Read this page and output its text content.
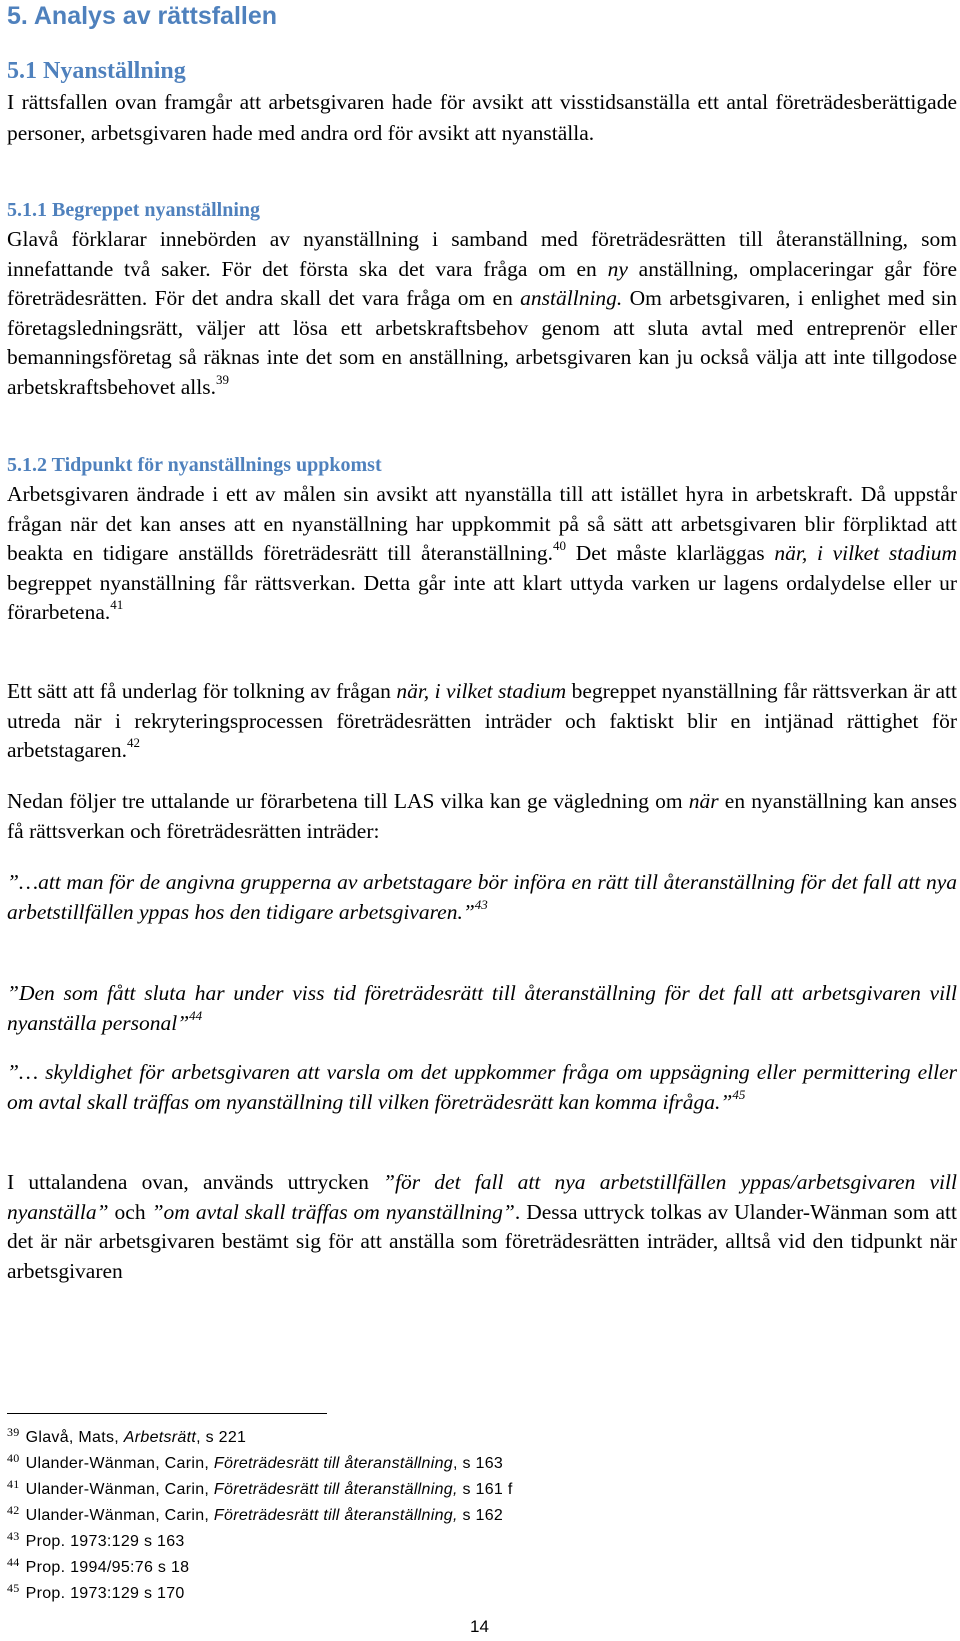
5. Analys av rättsfallen
5.1 Nyanställning

I rättsfallen ovan framgår att arbetsgivaren hade för avsikt att visstidsanställa ett antal företrädesberättigade personer, arbetsgivaren hade med andra ord för avsikt att nyanställa.

5.1.1 Begreppet nyanställning

Glavå förklarar innebörden av nyanställning i samband med företrädesrätten till återanställning, som innefattande två saker. För det första ska det vara fråga om en ny anställning, omplaceringar går före företrädesrätten. För det andra skall det vara fråga om en anställning. Om arbetsgivaren, i enlighet med sin företagsledningsrätt, väljer att lösa ett arbetskraftsbehov genom att sluta avtal med entreprenör eller bemanningsföretag så räknas inte det som en anställning, arbetsgivaren kan ju också välja att inte tillgodose arbetskraftsbehovet alls.$^{39}$

5.1.2 Tidpunkt för nyanställnings uppkomst

Arbetsgivaren ändrade i ett av målen sin avsikt att nyanställa till att istället hyra in arbetskraft. Då uppstår frågan när det kan anses att en nyanställning har uppkommit på så sätt att arbetsgivaren blir förpliktad att beakta en tidigare anställds företrädesrätt till återanställning.$^{40}$ Det måste klarläggas när, i vilket stadium begreppet nyanställning får rättsverkan. Detta går inte att klart uttyda varken ur lagens ordalydelse eller ur förarbetena.$^{41}$

Ett sätt att få underlag för tolkning av frågan när, i vilket stadium begreppet nyanställning får rättsverkan är att utreda när i rekryteringsprocessen företrädesrätten inträder och faktiskt blir en intjänad rättighet för arbetstagaren.$^{42}$

Nedan följer tre uttalande ur förarbetena till LAS vilka kan ge vägledning om när en nyanställning kan anses få rättsverkan och företrädesrätten inträder:

”…att man för de angivna grupperna av arbetstagare bör införa en rätt till återanställning för det fall att nya arbetstillfällen yppas hos den tidigare arbetsgivaren.”$^{43}$

”Den som fått sluta har under viss tid företrädesrätt till återanställning för det fall att arbetsgivaren vill nyanställa personal”$^{44}$

”… skyldighet för arbetsgivaren att varsla om det uppkommer fråga om uppsägning eller permittering eller om avtal skall träffas om nyanställning till vilken företrädesrätt kan komma ifråga.”$^{45}$

I uttalandena ovan, används uttrycken ”för det fall att nya arbetstillfällen yppas/arbetsgivaren vill nyanställa” och ”om avtal skall träffas om nyanställning”. Dessa uttryck tolkas av Ulander-Wänman som att det är när arbetsgivaren bestämt sig för att anställa som företrädesrätten inträder, alltså vid den tidpunkt när arbetsgivaren

$^{39}$ Glavå, Mats, Arbetsrätt, s 221
$^{40}$ Ulander-Wänman, Carin, Företrädesrätt till återanställning, s 163
$^{41}$ Ulander-Wänman, Carin, Företrädesrätt till återanställning, s 161 f
$^{42}$ Ulander-Wänman, Carin, Företrädesrätt till återanställning, s 162
$^{43}$ Prop. 1973:129 s 163
$^{44}$ Prop. 1994/95:76 s 18
$^{45}$ Prop. 1973:129 s 170
14
